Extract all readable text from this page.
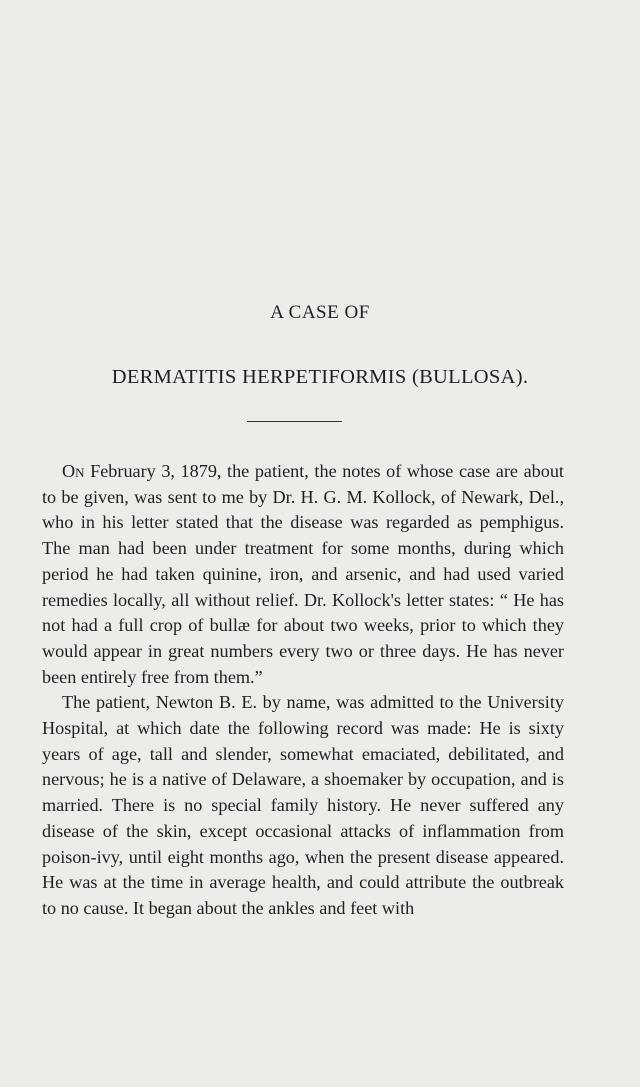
A CASE OF
DERMATITIS HERPETIFORMIS (BULLOSA).

On February 3, 1879, the patient, the notes of whose case are about to be given, was sent to me by Dr. H. G. M. Kollock, of Newark, Del., who in his letter stated that the disease was regarded as pemphigus. The man had been under treatment for some months, during which period he had taken quinine, iron, and arsenic, and had used varied remedies locally, all without relief. Dr. Kollock's letter states: “ He has not had a full crop of bullæ for about two weeks, prior to which they would appear in great numbers every two or three days. He has never been entirely free from them.”

The patient, Newton B. E. by name, was admitted to the University Hospital, at which date the following record was made: He is sixty years of age, tall and slender, somewhat emaciated, debilitated, and nervous; he is a native of Delaware, a shoemaker by occupation, and is married. There is no special family history. He never suffered any disease of the skin, except occasional attacks of inflammation from poison-ivy, until eight months ago, when the present disease appeared. He was at the time in average health, and could attribute the outbreak to no cause. It began about the ankles and feet with
